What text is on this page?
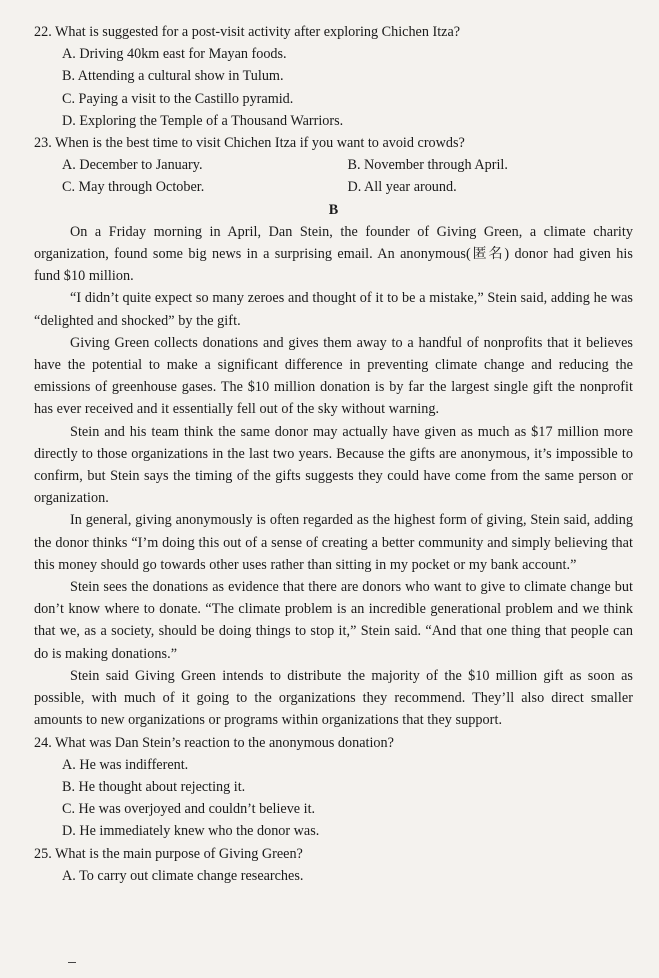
22. What is suggested for a post-visit activity after exploring Chichen Itza?

A. Driving 40km east for Mayan foods.

B. Attending a cultural show in Tulum.

C. Paying a visit to the Castillo pyramid.

D. Exploring the Temple of a Thousand Warriors.

23. When is the best time to visit Chichen Itza if you want to avoid crowds?

A. December to January.	B. November through April.
C. May through October.	D. All year around.

B

On a Friday morning in April, Dan Stein, the founder of Giving Green, a climate charity organization, found some big news in a surprising email. An anonymous(匿名) donor had given his fund $10 million.

“I didn’t quite expect so many zeroes and thought of it to be a mistake,” Stein said, adding he was “delighted and shocked” by the gift.

Giving Green collects donations and gives them away to a handful of nonprofits that it believes have the potential to make a significant difference in preventing climate change and reducing the emissions of greenhouse gases. The $10 million donation is by far the largest single gift the nonprofit has ever received and it essentially fell out of the sky without warning.

Stein and his team think the same donor may actually have given as much as $17 million more directly to those organizations in the last two years. Because the gifts are anonymous, it’s impossible to confirm, but Stein says the timing of the gifts suggests they could have come from the same person or organization.

In general, giving anonymously is often regarded as the highest form of giving, Stein said, adding the donor thinks “I’m doing this out of a sense of creating a better community and simply believing that this money should go towards other uses rather than sitting in my pocket or my bank account.”

Stein sees the donations as evidence that there are donors who want to give to climate change but don’t know where to donate. “The climate problem is an incredible generational problem and we think that we, as a society, should be doing things to stop it,” Stein said. “And that one thing that people can do is making donations.”

Stein said Giving Green intends to distribute the majority of the $10 million gift as soon as possible, with much of it going to the organizations they recommend. They’ll also direct smaller amounts to new organizations or programs within organizations that they support.

24. What was Dan Stein’s reaction to the anonymous donation?

A. He was indifferent.

B. He thought about rejecting it.

C. He was overjoyed and couldn’t believe it.

D. He immediately knew who the donor was.

25. What is the main purpose of Giving Green?

A. To carry out climate change researches.
